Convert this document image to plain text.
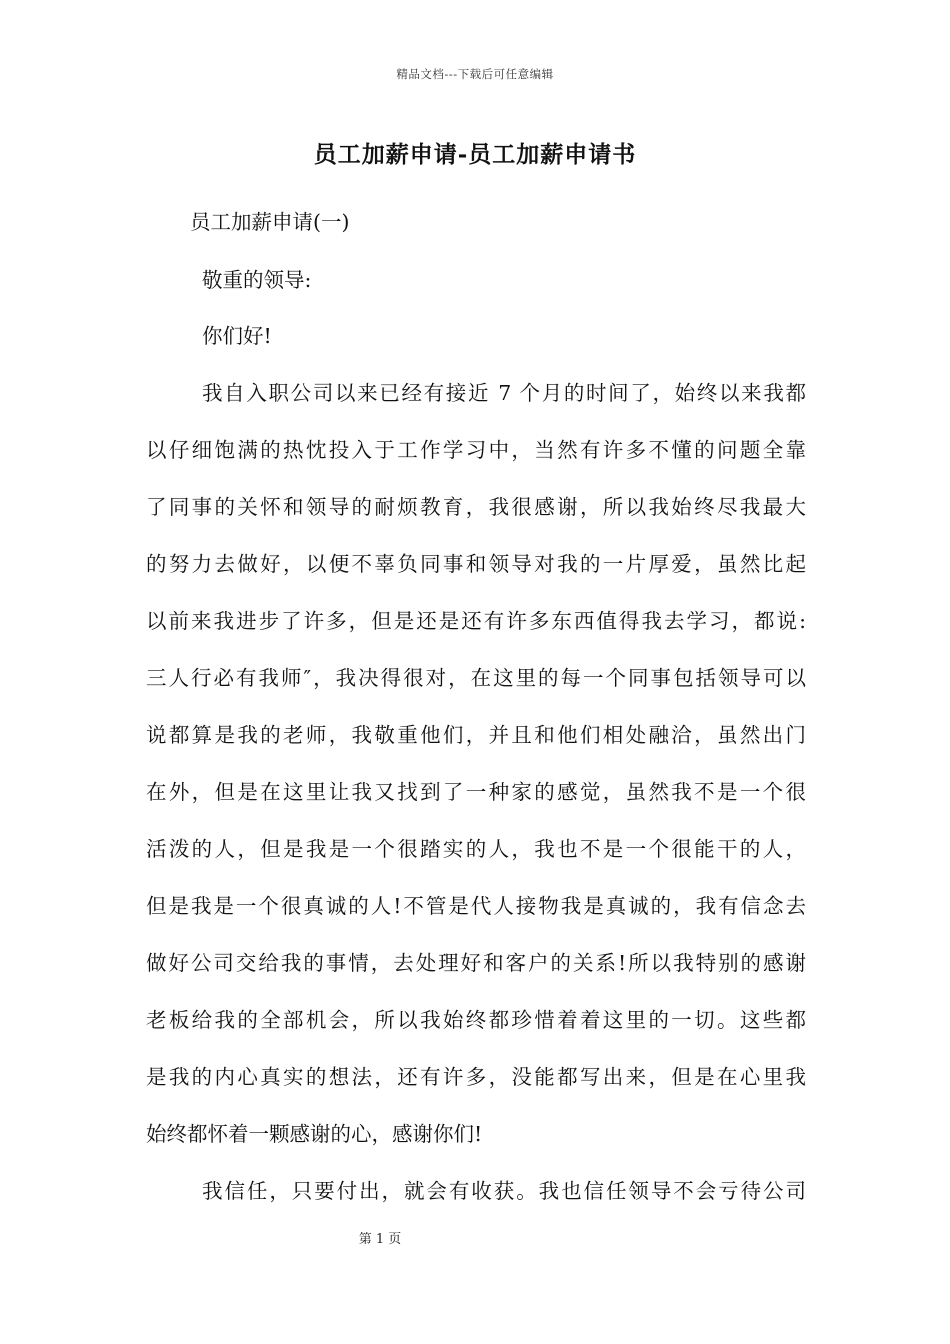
精品文档---下载后可任意编辑
员工加薪申请-员工加薪申请书
员工加薪申请(一)
敬重的领导:
你们好!
我自入职公司以来已经有接近 7 个月的时间了，始终以来我都
以仔细饱满的热忱投入于工作学习中，当然有许多不懂的问题全靠
了同事的关怀和领导的耐烦教育，我很感谢，所以我始终尽我最大
的努力去做好，以便不辜负同事和领导对我的一片厚爱，虽然比起
以前来我进步了许多，但是还是还有许多东西值得我去学习，都说:
三人行必有我师″，我决得很对，在这里的每一个同事包括领导可以
说都算是我的老师，我敬重他们，并且和他们相处融洽，虽然出门
在外，但是在这里让我又找到了一种家的感觉，虽然我不是一个很
活泼的人，但是我是一个很踏实的人，我也不是一个很能干的人，
但是我是一个很真诚的人!不管是代人接物我是真诚的，我有信念去
做好公司交给我的事情，去处理好和客户的关系!所以我特别的感谢
老板给我的全部机会，所以我始终都珍惜着着这里的一切。这些都
是我的内心真实的想法，还有许多，没能都写出来，但是在心里我
始终都怀着一颗感谢的心，感谢你们!
我信任，只要付出，就会有收获。我也信任领导不会亏待公司
第 1 页
